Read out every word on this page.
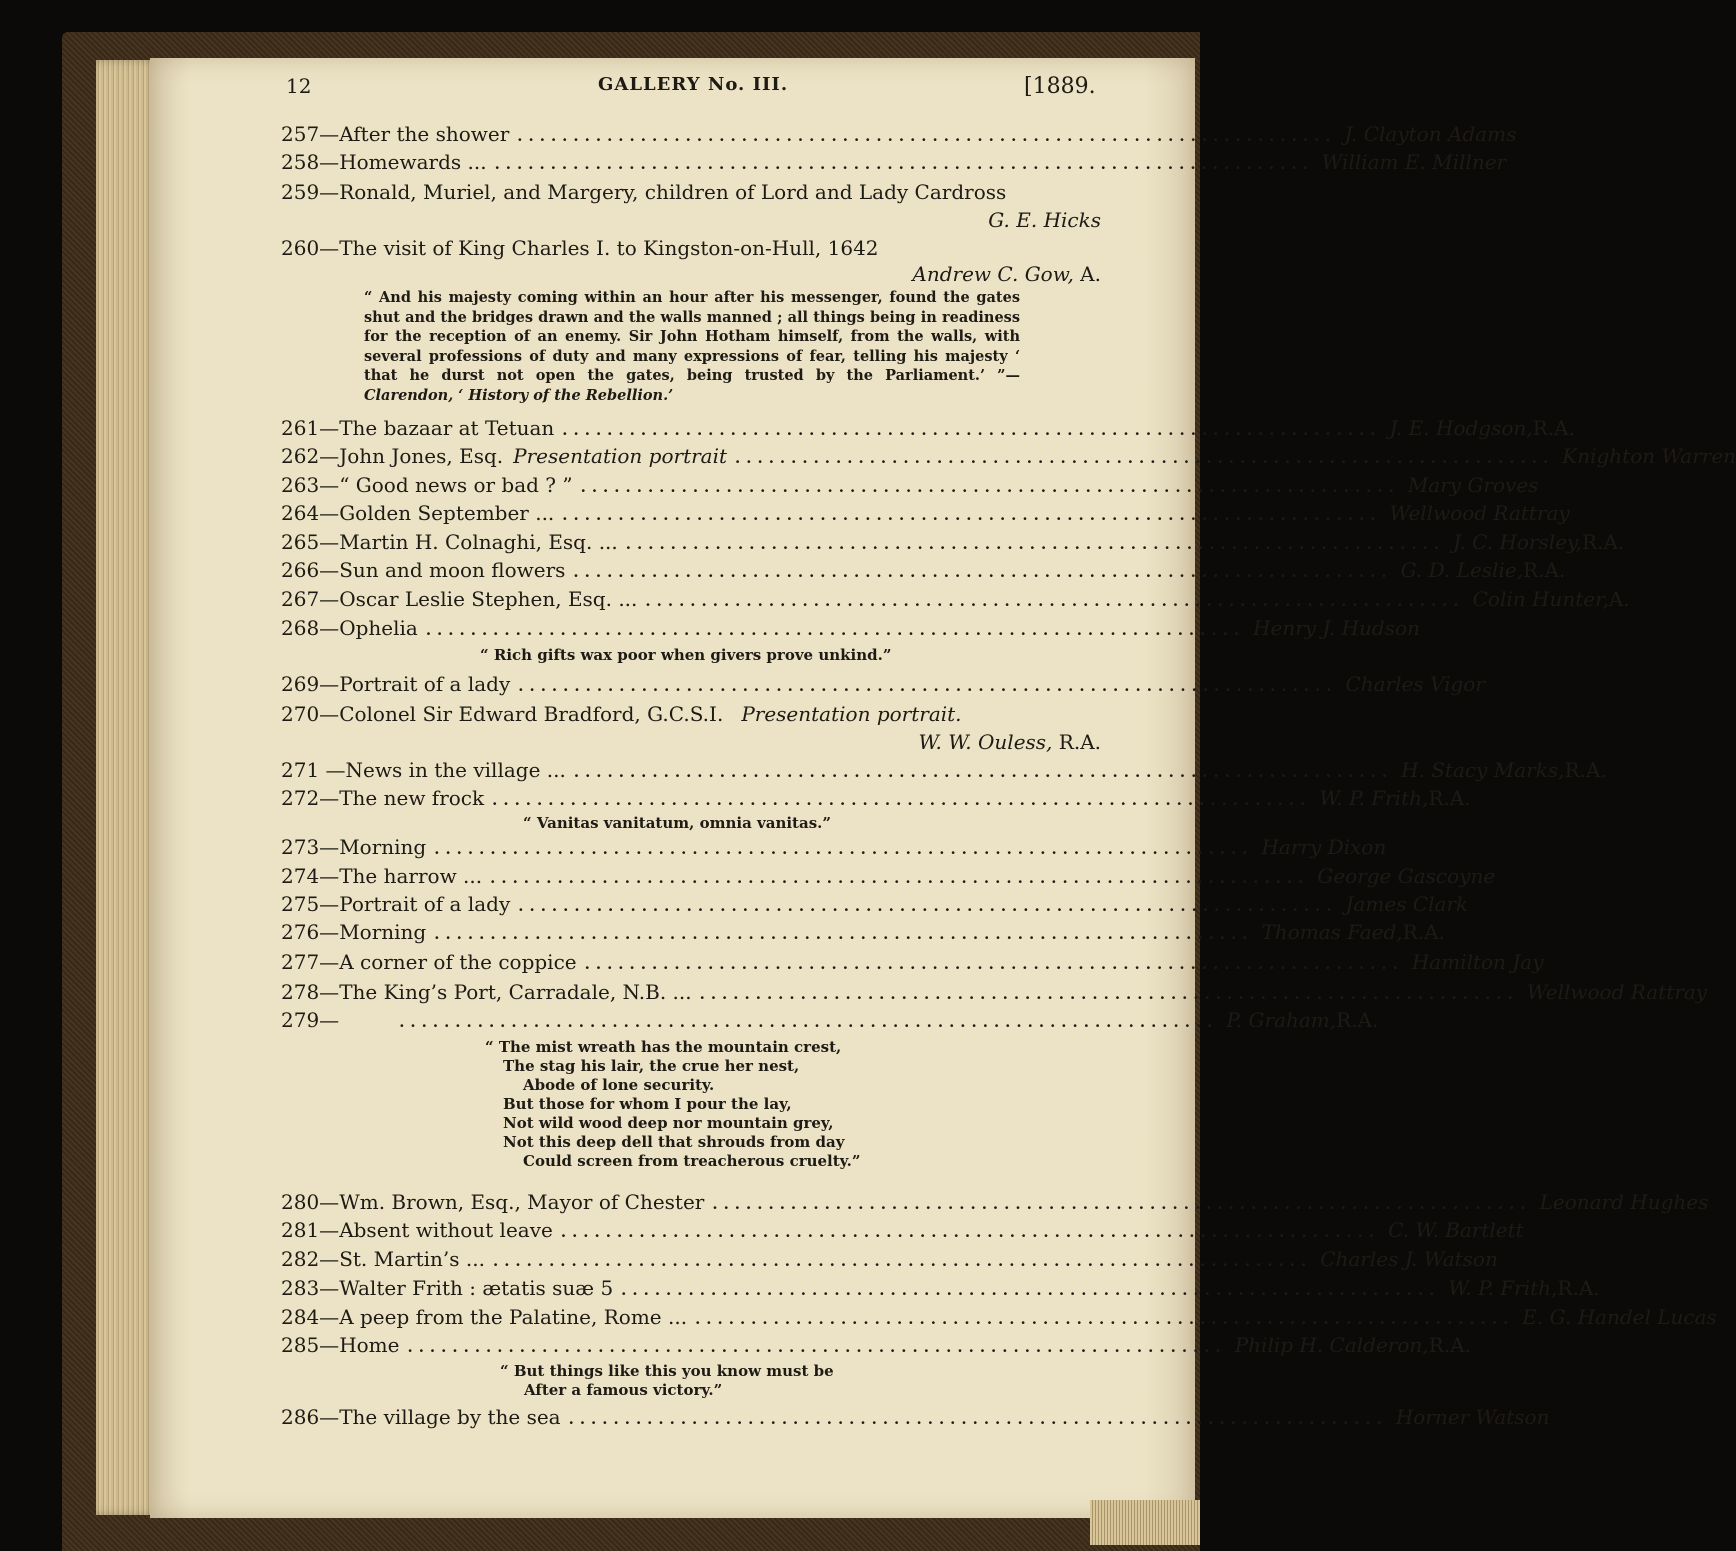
12	GALLERY No. III.	[1889.
257— After the shower ......................................................................... J. Clayton Adams
258— Homewards ... ......................................................................... William E. Millner
259— Ronald, Muriel, and Margery, children of Lord and Lady Cardross
G. E. Hicks
260— The visit of King Charles I. to Kingston-on-Hull, 1642
Andrew C. Gow, A.
“ And his majesty coming within an hour after his messenger, found the gates shut and the bridges drawn and the walls manned ; all things being in readiness for the reception of an enemy. Sir John Hotham himself, from the walls, with several professions of duty and many expressions of fear, telling his majesty ‘ that he durst not open the gates, being trusted by the Parliament.’ ”—Clarendon, ‘ History of the Rebellion.’
261— The bazaar at Tetuan ......................................................................... J. E. Hodgson, R.A.
262— John Jones, Esq. Presentation portrait ......................................................................... Knighton Warren
263— “ Good news or bad ? ” ......................................................................... Mary Groves
264— Golden September ... ......................................................................... Wellwood Rattray
265— Martin H. Colnaghi, Esq. ... ......................................................................... J. C. Horsley, R.A.
266— Sun and moon flowers ......................................................................... G. D. Leslie, R.A.
267— Oscar Leslie Stephen, Esq. ... ......................................................................... Colin Hunter, A.
268— Ophelia ......................................................................... Henry J. Hudson
“ Rich gifts wax poor when givers prove unkind.”
269— Portrait of a lady ......................................................................... Charles Vigor
270— Colonel Sir Edward Bradford, G.C.S.I. Presentation portrait.
W. W. Ouless, R.A.
271 — News in the village ... ......................................................................... H. Stacy Marks, R.A.
272— The new frock ......................................................................... W. P. Frith, R.A.
“ Vanitas vanitatum, omnia vanitas.”
273— Morning ......................................................................... Harry Dixon
274— The harrow ... ......................................................................... George Gascoyne
275— Portrait of a lady ......................................................................... James Clark
276— Morning ......................................................................... Thomas Faed, R.A.
277— A corner of the coppice ......................................................................... Hamilton Jay
278— The King’s Port, Carradale, N.B. ... ......................................................................... Wellwood Rattray
279—	......................................................................... P. Graham, R.A.
“ The mist wreath has the mountain crest,
The stag his lair, the crue her nest,
Abode of lone security.
But those for whom I pour the lay,
Not wild wood deep nor mountain grey,
Not this deep dell that shrouds from day
Could screen from treacherous cruelty.”
280— Wm. Brown, Esq., Mayor of Chester ......................................................................... Leonard Hughes
281— Absent without leave ......................................................................... C. W. Bartlett
282— St. Martin’s ... ......................................................................... Charles J. Watson
283— Walter Frith : ætatis suæ 5 ......................................................................... W. P. Frith, R.A.
284— A peep from the Palatine, Rome ... ......................................................................... E. G. Handel Lucas
285— Home ......................................................................... Philip H. Calderon, R.A.
“ But things like this you know must be
After a famous victory.”
286— The village by the sea ......................................................................... Horner Watson
